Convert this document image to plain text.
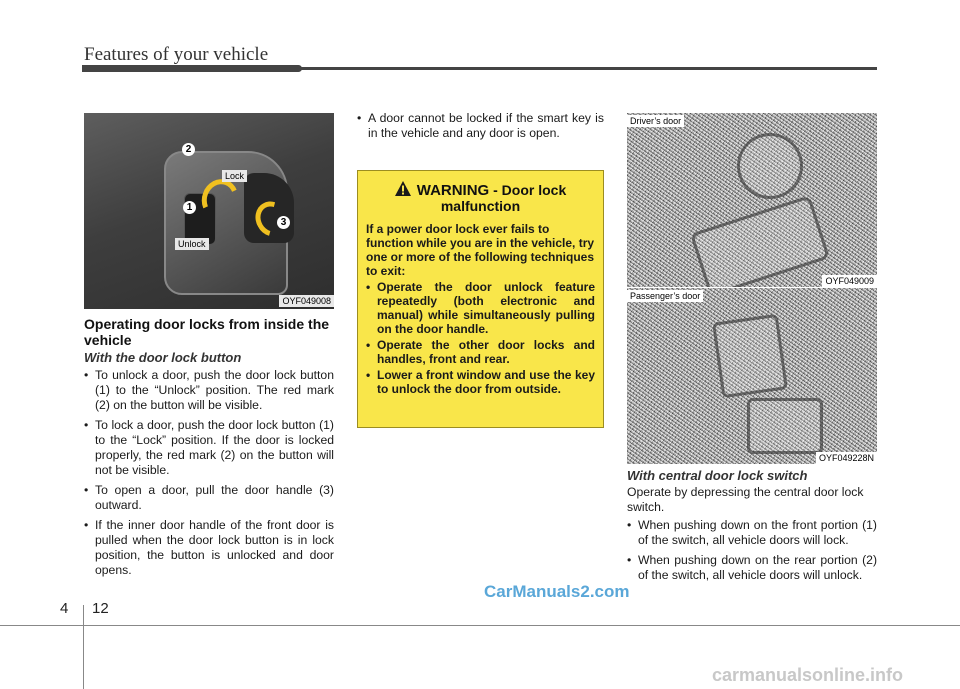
Features of your vehicle
1
2
3
Lock
Unlock
OYF049008
Operating door locks from inside the vehicle
With the door lock button
• To unlock a door, push the door lock button (1) to the “Unlock” position. The red mark (2) on the button will be visible.
• To lock a door, push the door lock button (1) to the “Lock” position. If the door is locked properly, the red mark (2) on the button will not be visible.
• To open a door, pull the door handle (3) outward.
• If the inner door handle of the front door is pulled when the door lock button is in lock position, the button is unlocked and door opens.
• A door cannot be locked if the smart key is in the vehicle and any door is open.
WARNING - Door lock malfunction
If a power door lock ever fails to function while you are in the vehicle, try one or more of the following techniques to exit:
• Operate the door unlock feature repeatedly (both electronic and manual) while simultaneously pulling on the door handle.
• Operate the other door locks and handles, front and rear.
• Lower a front window and use the key to unlock the door from outside.
Driver’s door
OYF049009
Passenger’s door
OYF049228N
With central door lock switch
Operate by depressing the central door lock switch.
• When pushing down on the front portion (1) of the switch, all vehicle doors will lock.
• When pushing down on the rear portion (2) of the switch, all vehicle doors will unlock.
4 12
CarManuals2.com
carmanualsonline.info
